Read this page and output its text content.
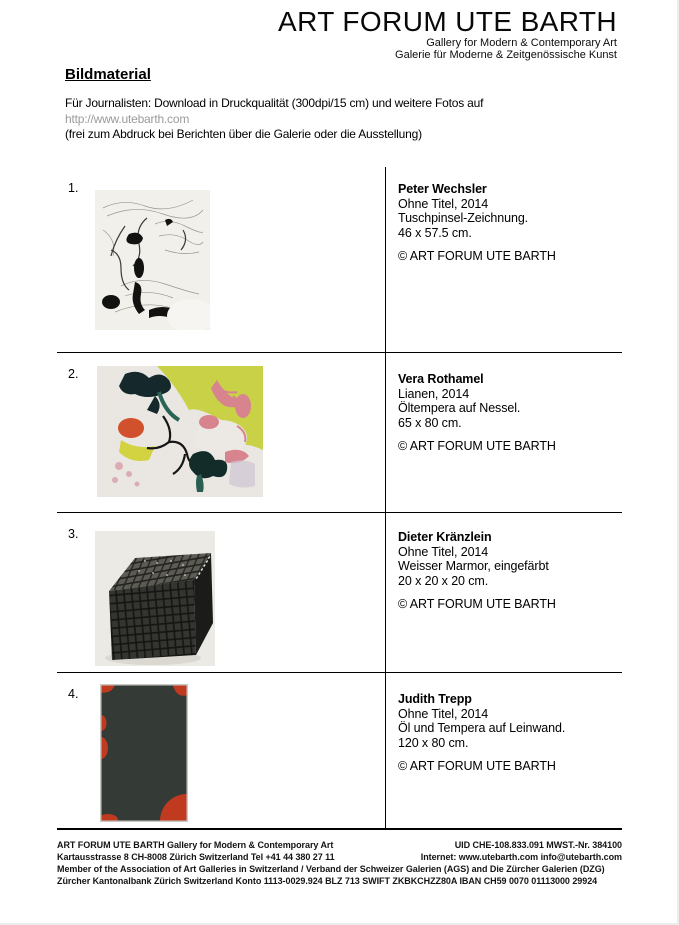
ART FORUM UTE BARTH
Gallery for Modern & Contemporary Art
Galerie für Moderne & Zeitgenössische Kunst
Bildmaterial

Für Journalisten: Download in Druckqualität (300dpi/15 cm) und weitere Fotos auf
http://www.utebarth.com
(frei zum Abdruck bei Berichten über die Galerie oder die Ausstellung)

1.	Peter Wechsler
Ohne Titel, 2014
Tuschpinsel-Zeichnung.
46 x 57.5 cm.
© ART FORUM UTE BARTH
2.	Vera Rothamel
Lianen, 2014
Öltempera auf Nessel.
65 x 80 cm.
© ART FORUM UTE BARTH
3.	Dieter Kränzlein
Ohne Titel, 2014
Weisser Marmor, eingefärbt
20 x 20 x 20 cm.
© ART FORUM UTE BARTH
4.	Judith Trepp
Ohne Titel, 2014
Öl und Tempera auf Leinwand.
120 x 80 cm.
© ART FORUM UTE BARTH
ART FORUM UTE BARTH Gallery for Modern & Contemporary Art	UID CHE-108.833.091 MWST.-Nr. 384100
Kartausstrasse 8 CH-8008 Zürich Switzerland Tel +41 44 380 27 11	Internet: www.utebarth.com info@utebarth.com
Member of the Association of Art Galleries in Switzerland / Verband der Schweizer Galerien (AGS) and Die Zürcher Galerien (DZG)
Zürcher Kantonalbank Zürich Switzerland Konto 1113-0029.924 BLZ 713 SWIFT ZKBKCHZZ80A IBAN CH59 0070 01113000 29924
